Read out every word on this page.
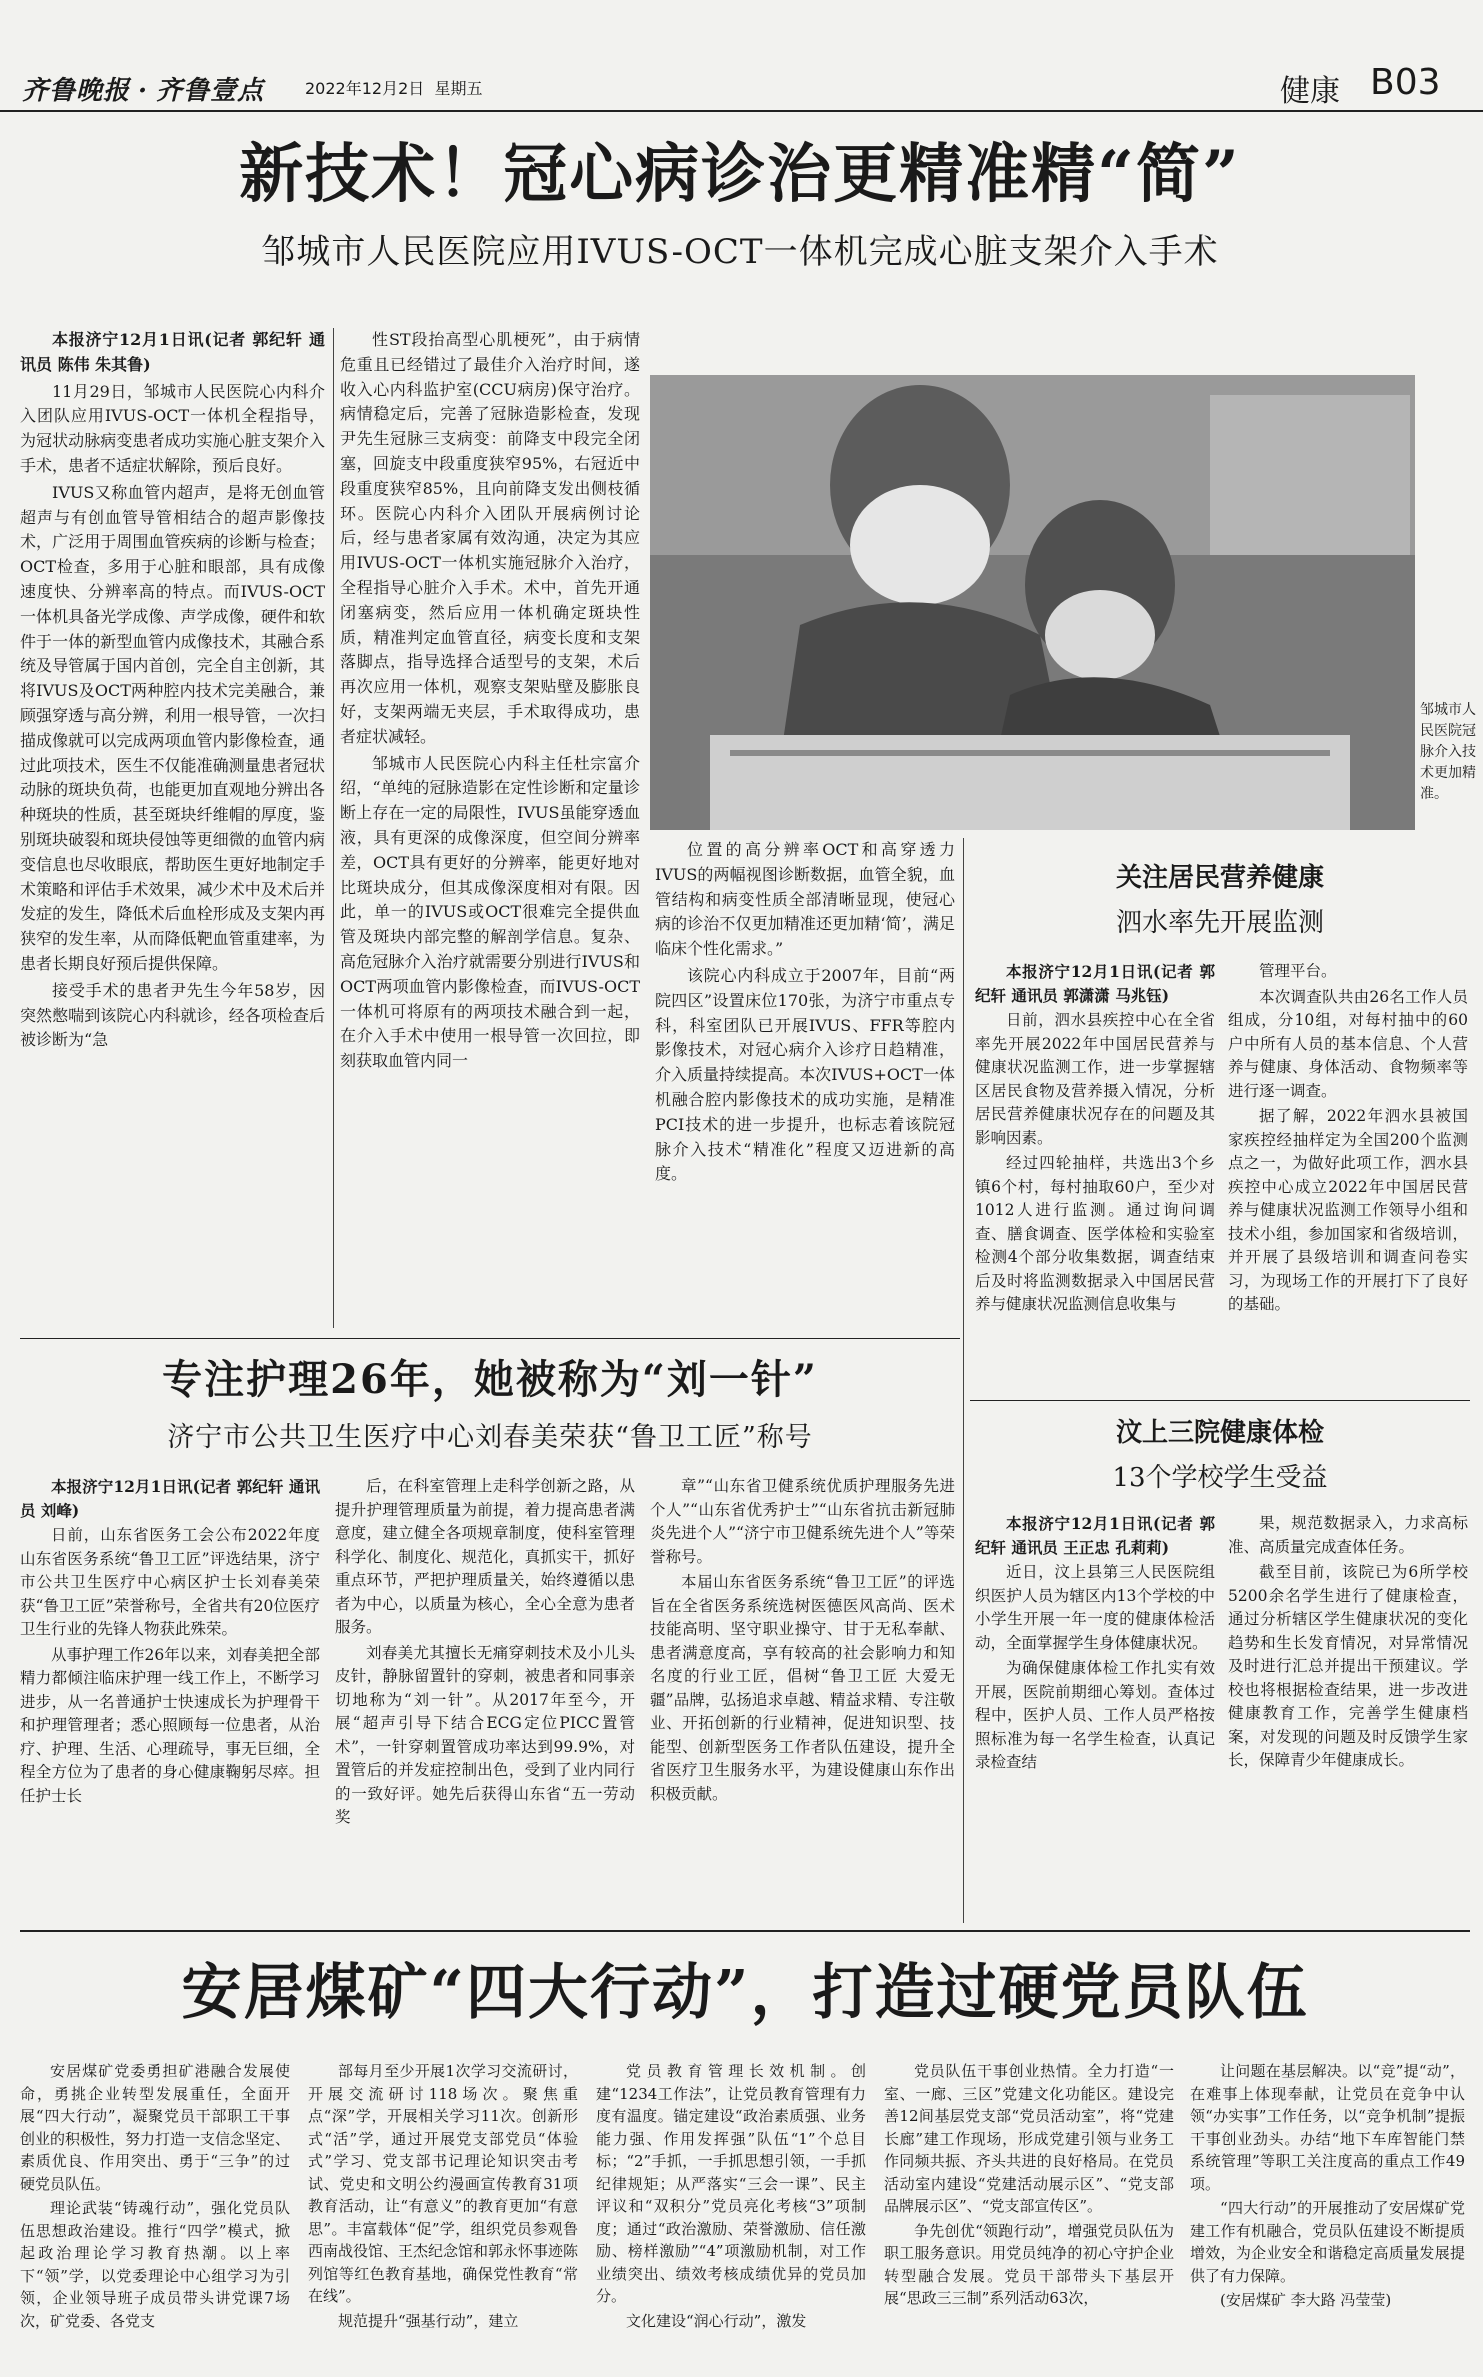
齐鲁晚报 · 齐鲁壹点	2022年12月2日 星期五	健康 B03
新技术！冠心病诊治更精准精“简”
邹城市人民医院应用IVUS-OCT一体机完成心脏支架介入手术

本报济宁12月1日讯(记者 郭纪轩 通讯员 陈伟 朱其鲁)

11月29日，邹城市人民医院心内科介入团队应用IVUS-OCT一体机全程指导，为冠状动脉病变患者成功实施心脏支架介入手术，患者不适症状解除，预后良好。

IVUS又称血管内超声，是将无创血管超声与有创血管导管相结合的超声影像技术，广泛用于周围血管疾病的诊断与检查；OCT检查，多用于心脏和眼部，具有成像速度快、分辨率高的特点。而IVUS-OCT一体机具备光学成像、声学成像，硬件和软件于一体的新型血管内成像技术，其融合系统及导管属于国内首创，完全自主创新，其将IVUS及OCT两种腔内技术完美融合，兼顾强穿透与高分辨，利用一根导管，一次扫描成像就可以完成两项血管内影像检查，通过此项技术，医生不仅能准确测量患者冠状动脉的斑块负荷，也能更加直观地分辨出各种斑块的性质，甚至斑块纤维帽的厚度，鉴别斑块破裂和斑块侵蚀等更细微的血管内病变信息也尽收眼底，帮助医生更好地制定手术策略和评估手术效果，减少术中及术后并发症的发生，降低术后血栓形成及支架内再狭窄的发生率，从而降低靶血管重建率，为患者长期良好预后提供保障。

接受手术的患者尹先生今年58岁，因突然憋喘到该院心内科就诊，经各项检查后被诊断为“急

性ST段抬高型心肌梗死”，由于病情危重且已经错过了最佳介入治疗时间，遂收入心内科监护室(CCU病房)保守治疗。病情稳定后，完善了冠脉造影检查，发现尹先生冠脉三支病变：前降支中段完全闭塞，回旋支中段重度狭窄95%，右冠近中段重度狭窄85%，且向前降支发出侧枝循环。医院心内科介入团队开展病例讨论后，经与患者家属有效沟通，决定为其应用IVUS-OCT一体机实施冠脉介入治疗，全程指导心脏介入手术。术中，首先开通闭塞病变，然后应用一体机确定斑块性质，精准判定血管直径，病变长度和支架落脚点，指导选择合适型号的支架，术后再次应用一体机，观察支架贴壁及膨胀良好，支架两端无夹层，手术取得成功，患者症状减轻。

邹城市人民医院心内科主任杜宗富介绍，“单纯的冠脉造影在定性诊断和定量诊断上存在一定的局限性，IVUS虽能穿透血液，具有更深的成像深度，但空间分辨率差，OCT具有更好的分辨率，能更好地对比斑块成分，但其成像深度相对有限。因此，单一的IVUS或OCT很难完全提供血管及斑块内部完整的解剖学信息。复杂、高危冠脉介入治疗就需要分别进行IVUS和OCT两项血管内影像检查，而IVUS-OCT一体机可将原有的两项技术融合到一起，在介入手术中使用一根导管一次回拉，即刻获取血管内同一

邹城市人民医院冠脉介入技术更加精准。

位置的高分辨率OCT和高穿透力IVUS的两幅视图诊断数据，血管全貌，血管结构和病变性质全部清晰显现，使冠心病的诊治不仅更加精准还更加精‘简’，满足临床个性化需求。”

该院心内科成立于2007年，目前“两院四区”设置床位170张，为济宁市重点专科，科室团队已开展IVUS、FFR等腔内影像技术，对冠心病介入诊疗日趋精准，介入质量持续提高。本次IVUS+OCT一体机融合腔内影像技术的成功实施，是精准PCI技术的进一步提升，也标志着该院冠脉介入技术“精准化”程度又迈进新的高度。

关注居民营养健康
泗水率先开展监测

本报济宁12月1日讯(记者 郭纪轩 通讯员 郭潇潇 马兆钰)

日前，泗水县疾控中心在全省率先开展2022年中国居民营养与健康状况监测工作，进一步掌握辖区居民食物及营养摄入情况，分析居民营养健康状况存在的问题及其影响因素。

经过四轮抽样，共选出3个乡镇6个村，每村抽取60户，至少对1012人进行监测。通过询问调查、膳食调查、医学体检和实验室检测4个部分收集数据，调查结束后及时将监测数据录入中国居民营养与健康状况监测信息收集与

管理平台。

本次调查队共由26名工作人员组成，分10组，对每村抽中的60户中所有人员的基本信息、个人营养与健康、身体活动、食物频率等进行逐一调查。

据了解，2022年泗水县被国家疾控经抽样定为全国200个监测点之一，为做好此项工作，泗水县疾控中心成立2022年中国居民营养与健康状况监测工作领导小组和技术小组，参加国家和省级培训，并开展了县级培训和调查问卷实习，为现场工作的开展打下了良好的基础。

专注护理26年，她被称为“刘一针”
济宁市公共卫生医疗中心刘春美荣获“鲁卫工匠”称号

本报济宁12月1日讯(记者 郭纪轩 通讯员 刘峰)

日前，山东省医务工会公布2022年度山东省医务系统“鲁卫工匠”评选结果，济宁市公共卫生医疗中心病区护士长刘春美荣获“鲁卫工匠”荣誉称号，全省共有20位医疗卫生行业的先锋人物获此殊荣。

从事护理工作26年以来，刘春美把全部精力都倾注临床护理一线工作上，不断学习进步，从一名普通护士快速成长为护理骨干和护理管理者；悉心照顾每一位患者，从治疗、护理、生活、心理疏导，事无巨细，全程全方位为了患者的身心健康鞠躬尽瘁。担任护士长

后，在科室管理上走科学创新之路，从提升护理管理质量为前提，着力提高患者满意度，建立健全各项规章制度，使科室管理科学化、制度化、规范化，真抓实干，抓好重点环节，严把护理质量关，始终遵循以患者为中心，以质量为核心，全心全意为患者服务。

刘春美尤其擅长无痛穿刺技术及小儿头皮针，静脉留置针的穿刺，被患者和同事亲切地称为“刘一针”。从2017年至今，开展“超声引导下结合ECG定位PICC置管术”，一针穿刺置管成功率达到99.9%，对置管后的并发症控制出色，受到了业内同行的一致好评。她先后获得山东省“五一劳动奖

章”“山东省卫健系统优质护理服务先进个人”“山东省优秀护士”“山东省抗击新冠肺炎先进个人”“济宁市卫健系统先进个人”等荣誉称号。

本届山东省医务系统“鲁卫工匠”的评选旨在全省医务系统选树医德医风高尚、医术技能高明、坚守职业操守、甘于无私奉献、患者满意度高，享有较高的社会影响力和知名度的行业工匠，倡树“鲁卫工匠 大爱无疆”品牌，弘扬追求卓越、精益求精、专注敬业、开拓创新的行业精神，促进知识型、技能型、创新型医务工作者队伍建设，提升全省医疗卫生服务水平，为建设健康山东作出积极贡献。

汶上三院健康体检
13个学校学生受益

本报济宁12月1日讯(记者 郭纪轩 通讯员 王正忠 孔莉莉)

近日，汶上县第三人民医院组织医护人员为辖区内13个学校的中小学生开展一年一度的健康体检活动，全面掌握学生身体健康状况。

为确保健康体检工作扎实有效开展，医院前期细心筹划。查体过程中，医护人员、工作人员严格按照标准为每一名学生检查，认真记录检查结

果，规范数据录入，力求高标准、高质量完成查体任务。

截至目前，该院已为6所学校5200余名学生进行了健康检查，通过分析辖区学生健康状况的变化趋势和生长发育情况，对异常情况及时进行汇总并提出干预建议。学校也将根据检查结果，进一步改进健康教育工作，完善学生健康档案，对发现的问题及时反馈学生家长，保障青少年健康成长。

安居煤矿“四大行动”，打造过硬党员队伍

安居煤矿党委勇担矿港融合发展使命，勇挑企业转型发展重任，全面开展“四大行动”，凝聚党员干部职工干事创业的积极性，努力打造一支信念坚定、素质优良、作用突出、勇于“三争”的过硬党员队伍。

理论武装“铸魂行动”，强化党员队伍思想政治建设。推行“四学”模式，掀起政治理论学习教育热潮。以上率下“领”学，以党委理论中心组学习为引领，企业领导班子成员带头讲党课7场次，矿党委、各党支

部每月至少开展1次学习交流研讨，开展交流研讨118场次。聚焦重点“深”学，开展相关学习11次。创新形式“活”学，通过开展党支部党员“体验式”学习、党支部书记理论知识突击考试、党史和文明公约漫画宣传教育31项教育活动，让“有意义”的教育更加“有意思”。丰富载体“促”学，组织党员参观鲁西南战役馆、王杰纪念馆和郭永怀事迹陈列馆等红色教育基地，确保党性教育“常在线”。

规范提升“强基行动”，建立

党员教育管理长效机制。创建“1234工作法”，让党员教育管理有力度有温度。锚定建设“政治素质强、业务能力强、作用发挥强”队伍“1”个总目标；“2”手抓，一手抓思想引领，一手抓纪律规矩；从严落实“三会一课”、民主评议和“双积分”党员亮化考核“3”项制度；通过“政治激励、荣誉激励、信任激励、榜样激励”“4”项激励机制，对工作业绩突出、绩效考核成绩优异的党员加分。

文化建设“润心行动”，激发

党员队伍干事创业热情。全力打造“一室、一廊、三区”党建文化功能区。建设完善12间基层党支部“党员活动室”，将“党建长廊”建工作现场，形成党建引领与业务工作同频共振、齐头共进的良好格局。在党员活动室内建设“党建活动展示区”、“党支部品牌展示区”、“党支部宣传区”。

争先创优“领跑行动”，增强党员队伍为职工服务意识。用党员纯净的初心守护企业转型融合发展。党员干部带头下基层开展“思政三三制”系列活动63次，

让问题在基层解决。以“竞”提“动”，在难事上体现奉献，让党员在竞争中认领“办实事”工作任务，以“竞争机制”提振干事创业劲头。办结“地下车库智能门禁系统管理”等职工关注度高的重点工作49项。

“四大行动”的开展推动了安居煤矿党建工作有机融合，党员队伍建设不断提质增效，为企业安全和谐稳定高质量发展提供了有力保障。

(安居煤矿 李大路 冯莹莹)
